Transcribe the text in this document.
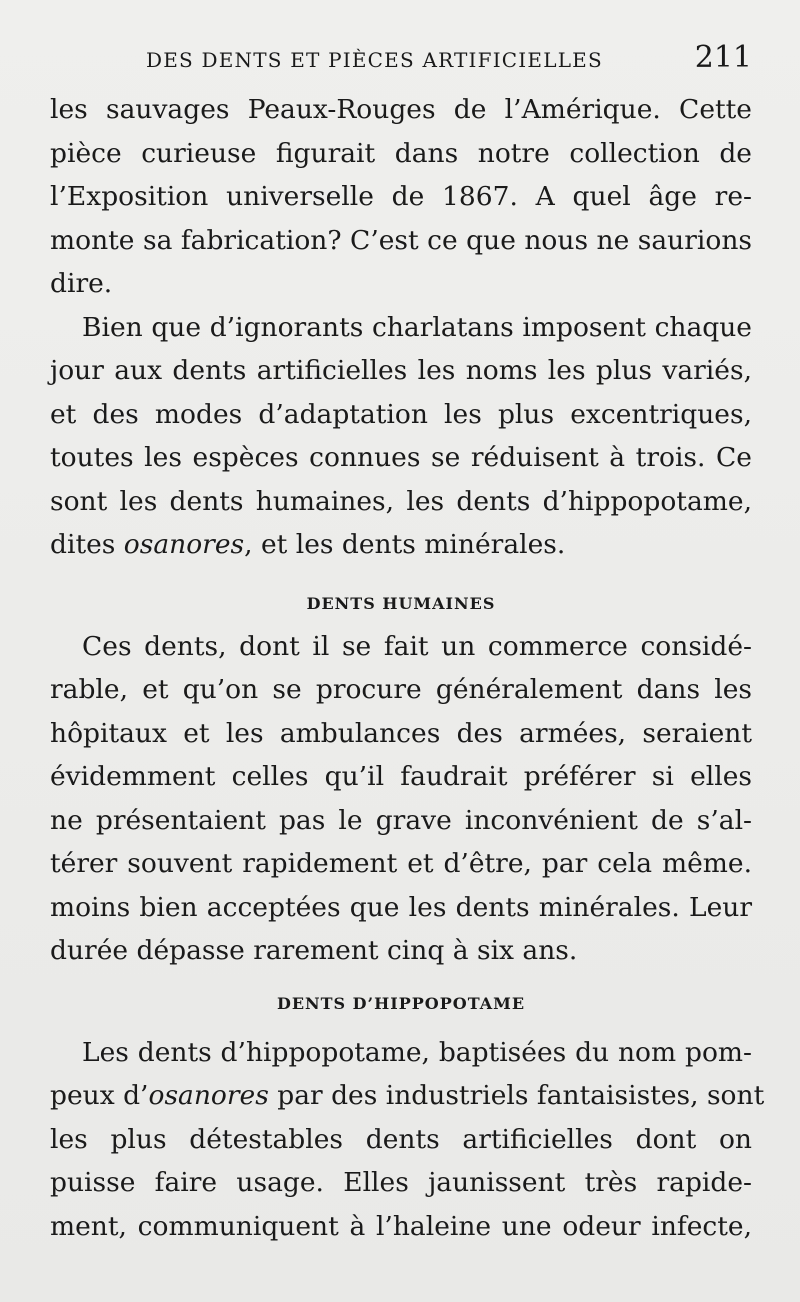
DES DENTS ET PIÈCES ARTIFICIELLES	211

les sauvages Peaux-Rouges de l’Amérique. Cette
pièce curieuse figurait dans notre collection de
l’Exposition universelle de 1867. A quel âge re-
monte sa fabrication? C’est ce que nous ne saurions
dire.

Bien que d’ignorants charlatans imposent chaque
jour aux dents artificielles les noms les plus variés,
et des modes d’adaptation les plus excentriques,
toutes les espèces connues se réduisent à trois. Ce
sont les dents humaines, les dents d’hippopotame,
dites osanores, et les dents minérales.

DENTS HUMAINES

Ces dents, dont il se fait un commerce considé-
rable, et qu’on se procure généralement dans les
hôpitaux et les ambulances des armées, seraient
évidemment celles qu’il faudrait préférer si elles
ne présentaient pas le grave inconvénient de s’al-
térer souvent rapidement et d’être, par cela même.
moins bien acceptées que les dents minérales. Leur
durée dépasse rarement cinq à six ans.

DENTS D’HIPPOPOTAME

Les dents d’hippopotame, baptisées du nom pom-
peux d’osanores par des industriels fantaisistes, sont
les plus détestables dents artificielles dont on
puisse faire usage. Elles jaunissent très rapide-
ment, communiquent à l’haleine une odeur infecte,
